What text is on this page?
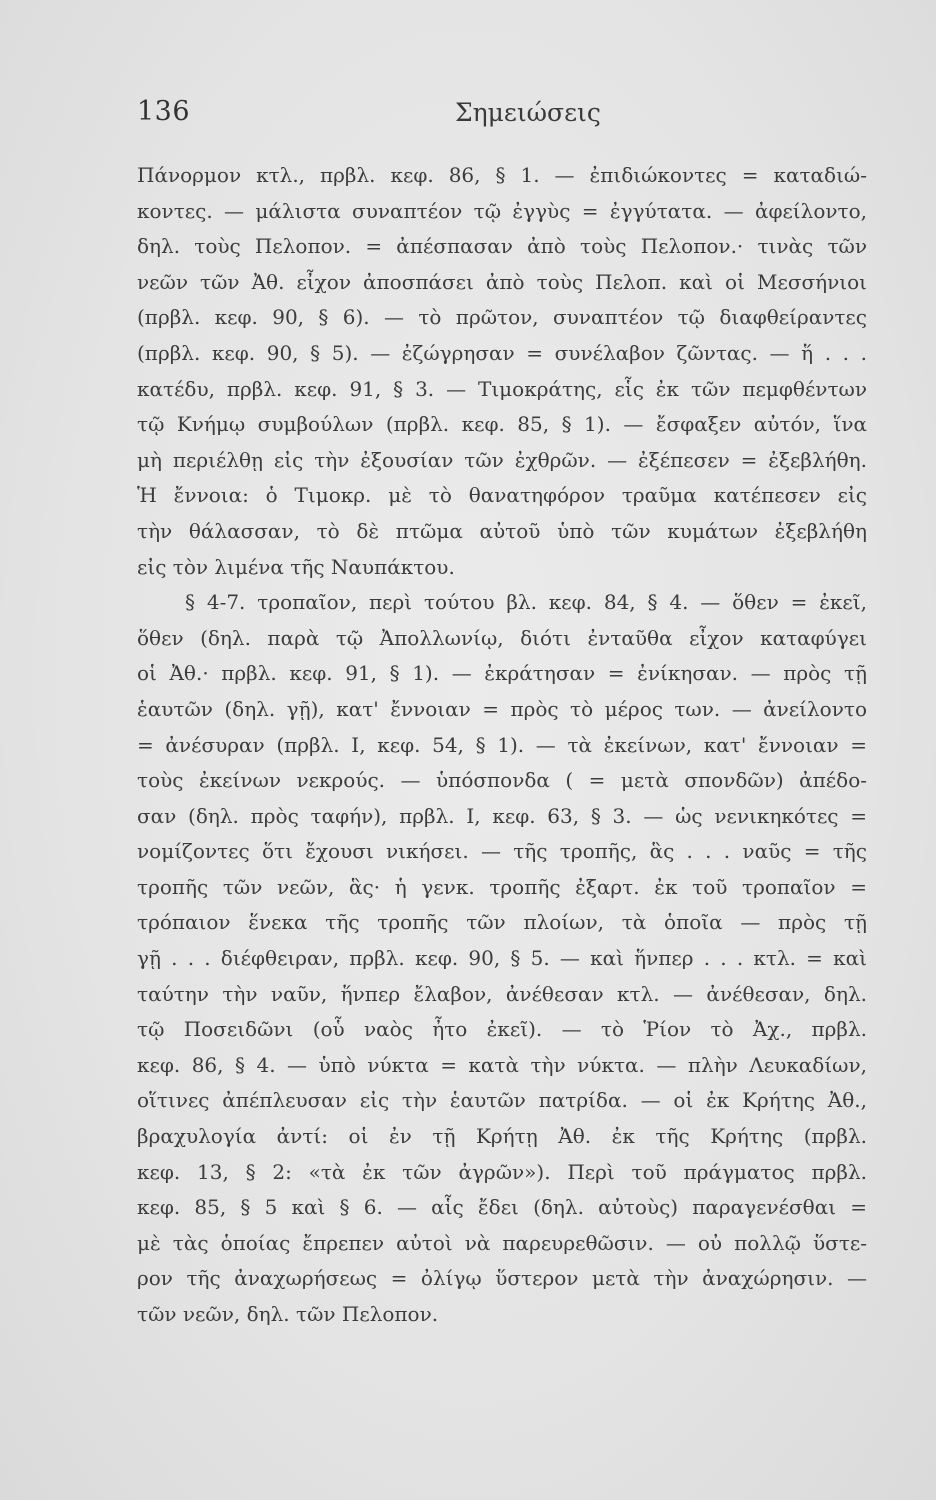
136	Σημειώσεις
Πάνορμον κτλ., πρβλ. κεφ. 86, § 1. — ἐπιδιώκοντες = καταδιώ-
κοντες. — μάλιστα συναπτέον τῷ ἐγγὺς = ἐγγύτατα. — ἀφείλοντο,
δηλ. τοὺς Πελοπον. = ἀπέσπασαν ἀπὸ τοὺς Πελοπον.· τινὰς τῶν
νεῶν τῶν Ἀθ. εἶχον ἀποσπάσει ἀπὸ τοὺς Πελοπ. καὶ οἱ Μεσσήνιοι
(πρβλ. κεφ. 90, § 6). — τὸ πρῶτον, συναπτέον τῷ διαφθείραντες
(πρβλ. κεφ. 90, § 5). — ἐζώγρησαν = συνέλαβον ζῶντας. — ἥ . . .
κατέδυ, πρβλ. κεφ. 91, § 3. — Τιμοκράτης, εἷς ἐκ τῶν πεμφθέντων
τῷ Κνήμῳ συμβούλων (πρβλ. κεφ. 85, § 1). — ἔσφαξεν αὐτόν, ἵνα
μὴ περιέλθῃ εἰς τὴν ἐξουσίαν τῶν ἐχθρῶν. — ἐξέπεσεν = ἐξεβλήθη.
Ἡ ἔννοια: ὁ Τιμοκρ. μὲ τὸ θανατηφόρον τραῦμα κατέπεσεν εἰς
τὴν θάλασσαν, τὸ δὲ πτῶμα αὐτοῦ ὑπὸ τῶν κυμάτων ἐξεβλήθη
εἰς τὸν λιμένα τῆς Ναυπάκτου.
§ 4-7. τροπαῖον, περὶ τούτου βλ. κεφ. 84, § 4. — ὅθεν = ἐκεῖ,
ὅθεν (δηλ. παρὰ τῷ Ἀπολλωνίῳ, διότι ἐνταῦθα εἶχον καταφύγει
οἱ Ἀθ.· πρβλ. κεφ. 91, § 1). — ἐκράτησαν = ἐνίκησαν. — πρὸς τῇ
ἑαυτῶν (δηλ. γῇ), κατ' ἔννοιαν = πρὸς τὸ μέρος των. — ἀνείλοντο
= ἀνέσυραν (πρβλ. Ι, κεφ. 54, § 1). — τὰ ἐκείνων, κατ' ἔννοιαν =
τοὺς ἐκείνων νεκρούς. — ὑπόσπονδα ( = μετὰ σπονδῶν) ἀπέδο-
σαν (δηλ. πρὸς ταφήν), πρβλ. Ι, κεφ. 63, § 3. — ὡς νενικηκότες =
νομίζοντες ὅτι ἔχουσι νικήσει. — τῆς τροπῆς, ἃς . . . ναῦς = τῆς
τροπῆς τῶν νεῶν, ἃς· ἡ γενκ. τροπῆς ἐξαρτ. ἐκ τοῦ τροπαῖον =
τρόπαιον ἕνεκα τῆς τροπῆς τῶν πλοίων, τὰ ὁποῖα — πρὸς τῇ
γῇ . . . διέφθειραν, πρβλ. κεφ. 90, § 5. — καὶ ἥνπερ . . . κτλ. = καὶ
ταύτην τὴν ναῦν, ἥνπερ ἔλαβον, ἀνέθεσαν κτλ. — ἀνέθεσαν, δηλ.
τῷ Ποσειδῶνι (οὗ ναὸς ἦτο ἐκεῖ). — τὸ Ῥίον τὸ Ἀχ., πρβλ.
κεφ. 86, § 4. — ὑπὸ νύκτα = κατὰ τὴν νύκτα. — πλὴν Λευκαδίων,
οἵτινες ἀπέπλευσαν εἰς τὴν ἑαυτῶν πατρίδα. — οἱ ἐκ Κρήτης Ἀθ.,
βραχυλογία ἀντί: οἱ ἐν τῇ Κρήτῃ Ἀθ. ἐκ τῆς Κρήτης (πρβλ.
κεφ. 13, § 2: «τὰ ἐκ τῶν ἀγρῶν»). Περὶ τοῦ πράγματος πρβλ.
κεφ. 85, § 5 καὶ § 6. — αἷς ἔδει (δηλ. αὐτοὺς) παραγενέσθαι =
μὲ τὰς ὁποίας ἔπρεπεν αὐτοὶ νὰ παρευρεθῶσιν. — οὐ πολλῷ ὕστε-
ρον τῆς ἀναχωρήσεως = ὀλίγῳ ὕστερον μετὰ τὴν ἀναχώρησιν. —
τῶν νεῶν, δηλ. τῶν Πελοπον.
